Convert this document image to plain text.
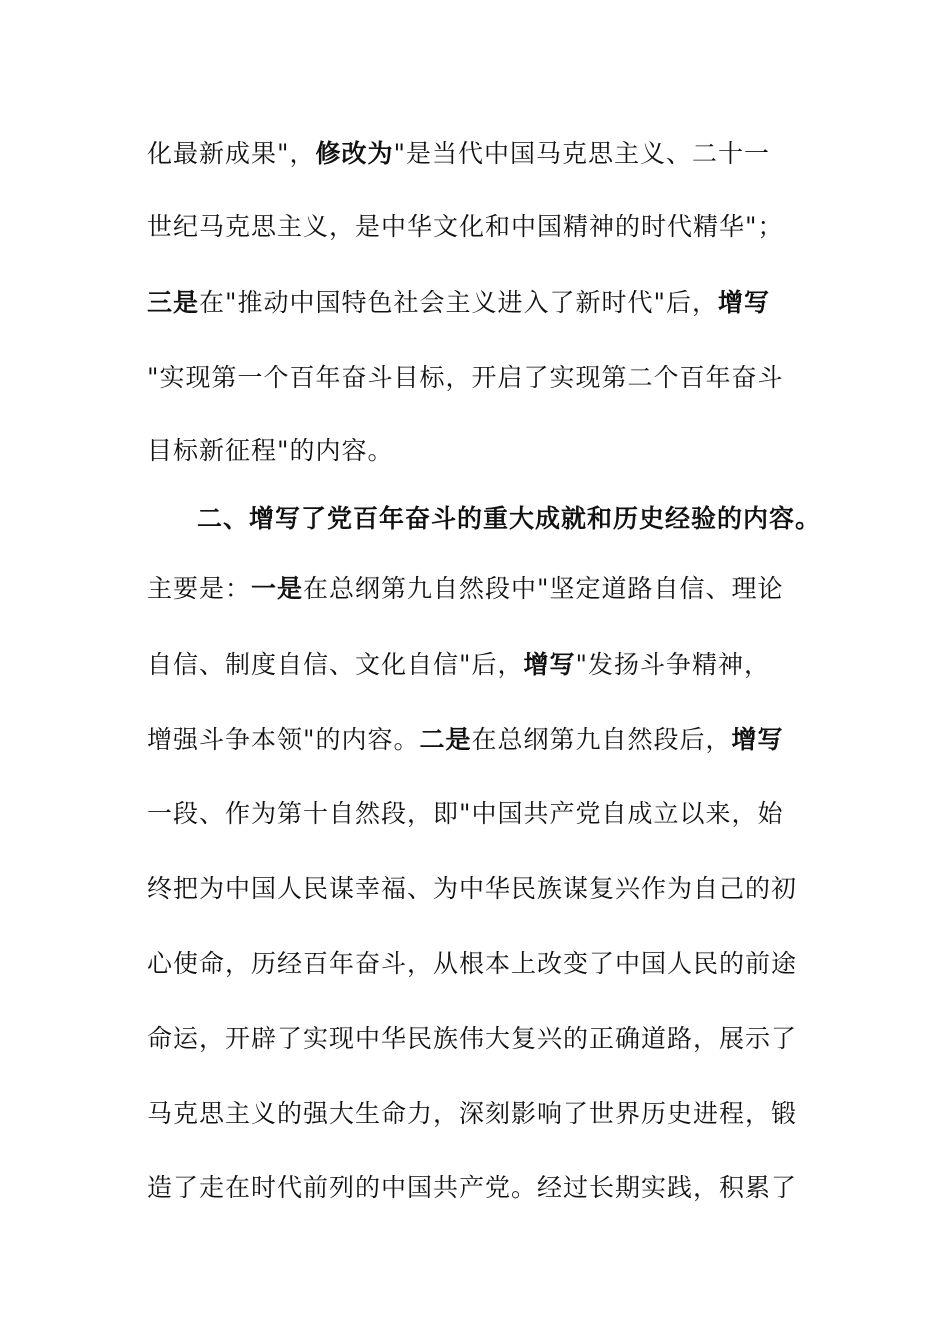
化最新成果"，修改为"是当代中国马克思主义、二十一
世纪马克思主义，是中华文化和中国精神的时代精华"；
三是在"推动中国特色社会主义进入了新时代"后，增写
"实现第一个百年奋斗目标，开启了实现第二个百年奋斗
目标新征程"的内容。
二、增写了党百年奋斗的重大成就和历史经验的内容。
主要是：一是在总纲第九自然段中"坚定道路自信、理论
自信、制度自信、文化自信"后，增写"发扬斗争精神，
增强斗争本领"的内容。二是在总纲第九自然段后，增写
一段、作为第十自然段，即"中国共产党自成立以来，始
终把为中国人民谋幸福、为中华民族谋复兴作为自己的初
心使命，历经百年奋斗，从根本上改变了中国人民的前途
命运，开辟了实现中华民族伟大复兴的正确道路，展示了
马克思主义的强大生命力，深刻影响了世界历史进程，锻
造了走在时代前列的中国共产党。经过长期实践，积累了
